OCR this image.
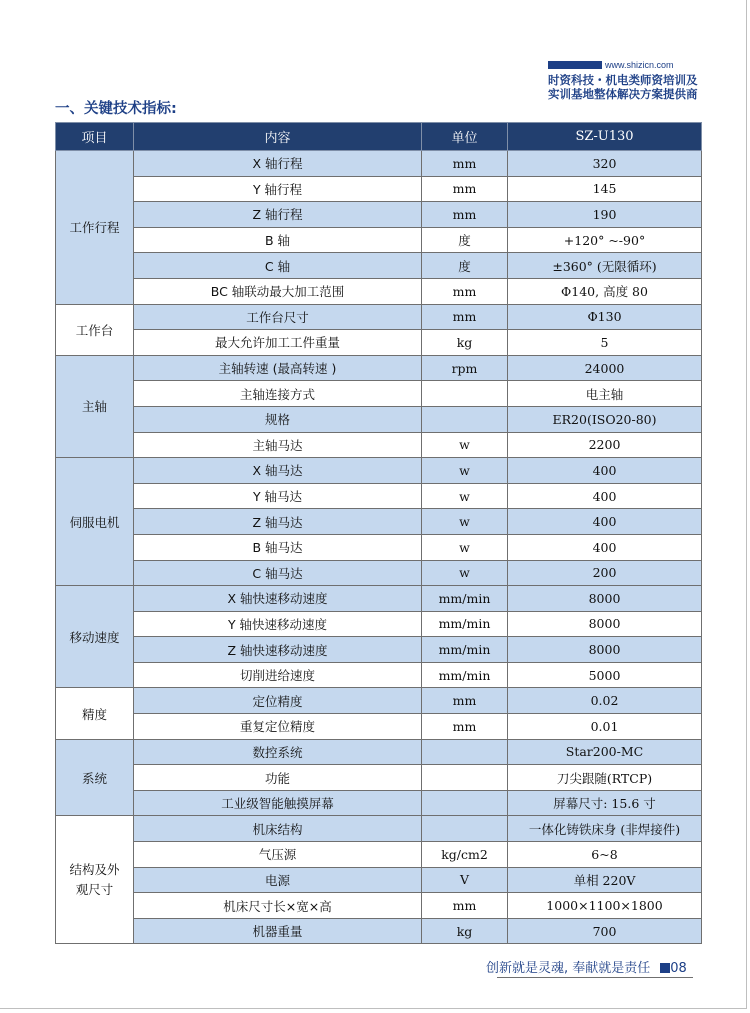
www.shizicn.com
时资科技・机电类师资培训及
实训基地整体解决方案提供商
一、关键技术指标:
项目	内容	单位	SZ-U130
工作行程	X 轴行程	mm	320
	Y 轴行程	mm	145
	Z 轴行程	mm	190
	B 轴	度	+120° ~-90°
	C 轴	度	±360° (无限循环)
	BC 轴联动最大加工范围	mm	Φ140, 高度 80
工作台	工作台尺寸	mm	Φ130
	最大允许加工工件重量	kg	5
主轴	主轴转速 (最高转速 )	rpm	24000
	主轴连接方式		电主轴
	规格		ER20(ISO20-80)
	主轴马达	w	2200
伺服电机	X 轴马达	w	400
	Y 轴马达	w	400
	Z 轴马达	w	400
	B 轴马达	w	400
	C 轴马达	w	200
移动速度	X 轴快速移动速度	mm/min	8000
	Y 轴快速移动速度	mm/min	8000
	Z 轴快速移动速度	mm/min	8000
	切削进给速度	mm/min	5000
精度	定位精度	mm	0.02
	重复定位精度	mm	0.01
系统	数控系统		Star200-MC
	功能		刀尖跟随(RTCP)
	工业级智能触摸屏幕		屏幕尺寸: 15.6 寸
结构及外观尺寸	机床结构		一体化铸铁床身 (非焊接件)
	气压源	kg/cm2	6~8
	电源	V	单相 220V
	机床尺寸长×宽×高	mm	1000×1100×1800
	机器重量	kg	700
创新就是灵魂, 奉献就是责任 08
